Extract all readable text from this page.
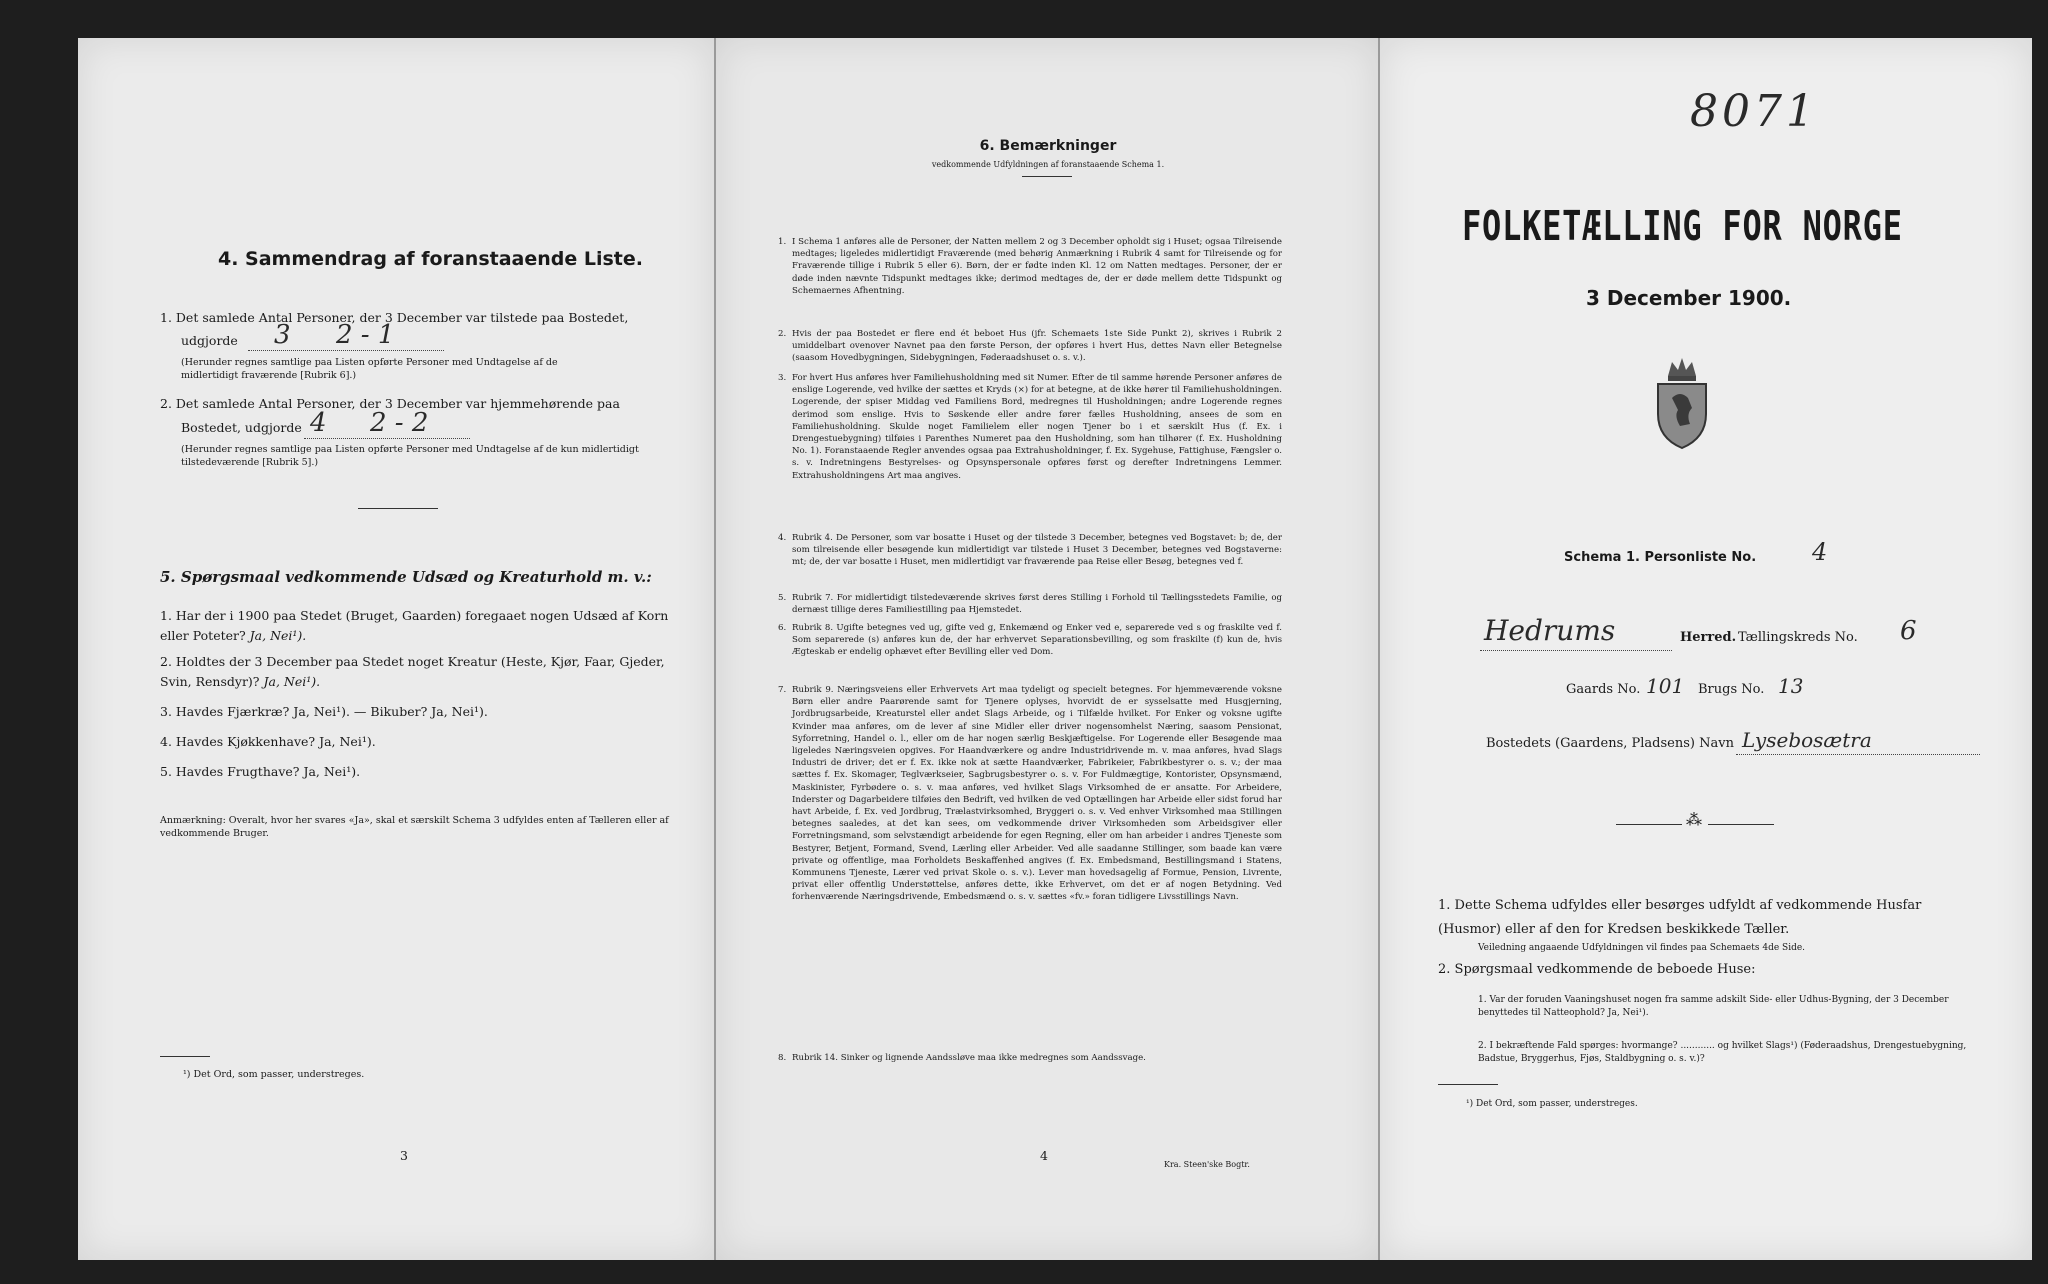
4. Sammendrag af foranstaaende Liste.
1. Det samlede Antal Personer, der 3 December var tilstede paa Bostedet,
udgjorde 3 2 - 1
(Herunder regnes samtlige paa Listen opførte Personer med Undtagelse af de midlertidigt fraværende [Rubrik 6].)
2. Det samlede Antal Personer, der 3 December var hjemmehørende paa
Bostedet, udgjorde 4 2 - 2
(Herunder regnes samtlige paa Listen opførte Personer med Undtagelse af de kun midlertidigt tilstedeværende [Rubrik 5].)
5. Spørgsmaal vedkommende Udsæd og Kreaturhold m. v.:
1. Har der i 1900 paa Stedet (Bruget, Gaarden) foregaaet nogen Udsæd af Korn eller Poteter? Ja, Nei¹).
2. Holdtes der 3 December paa Stedet noget Kreatur (Heste, Kjør, Faar, Gjeder, Svin, Rensdyr)? Ja, Nei¹).
3. Havdes Fjærkræ? Ja, Nei¹). — Bikuber? Ja, Nei¹).
4. Havdes Kjøkkenhave? Ja, Nei¹).
5. Havdes Frugthave? Ja, Nei¹).
Anmærkning: Overalt, hvor her svares «Ja», skal et særskilt Schema 3 udfyldes enten af Tælleren eller af vedkommende Bruger.
¹) Det Ord, som passer, understreges.
3
6. Bemærkninger
vedkommende Udfyldningen af foranstaaende Schema 1.
1. I Schema 1 anføres alle de Personer, der Natten mellem 2 og 3 December opholdt sig i Huset; ogsaa Tilreisende medtages; ligeledes midlertidigt Fraværende (med behørig Anmærkning i Rubrik 4 samt for Tilreisende og for Fraværende tillige i Rubrik 5 eller 6). Børn, der er fødte inden Kl. 12 om Natten medtages. Personer, der er døde inden nævnte Tidspunkt medtages ikke; derimod medtages de, der er døde mellem dette Tidspunkt og Schemaernes Afhentning.
2. Hvis der paa Bostedet er flere end ét beboet Hus (jfr. Schemaets 1ste Side Punkt 2), skrives i Rubrik 2 umiddelbart ovenover Navnet paa den første Person, der opføres i hvert Hus, dettes Navn eller Betegnelse (saasom Hovedbygningen, Sidebygningen, Føderaadshuset o. s. v.).
3. For hvert Hus anføres hver Familiehusholdning med sit Numer. Efter de til samme hørende Personer anføres de enslige Logerende, ved hvilke der sættes et Kryds (×) for at betegne, at de ikke hører til Familiehusholdningen. Logerende, der spiser Middag ved Familiens Bord, medregnes til Husholdningen; andre Logerende regnes derimod som enslige. Hvis to Søskende eller andre fører fælles Husholdning, ansees de som en Familiehusholdning. Skulde noget Familielem eller nogen Tjener bo i et særskilt Hus (f. Ex. i Drengestuebygning) tilføies i Parenthes Numeret paa den Husholdning, som han tilhører (f. Ex. Husholdning No. 1). Foranstaaende Regler anvendes ogsaa paa Extrahusholdninger, f. Ex. Sygehuse, Fattighuse, Fængsler o. s. v. Indretningens Bestyrelses- og Opsynspersonale opføres først og derefter Indretningens Lemmer. Extrahusholdningens Art maa angives.
4. Rubrik 4. De Personer, som var bosatte i Huset og der tilstede 3 December, betegnes ved Bogstavet: b; de, der som tilreisende eller besøgende kun midlertidigt var tilstede i Huset 3 December, betegnes ved Bogstaverne: mt; de, der var bosatte i Huset, men midlertidigt var fraværende paa Reise eller Besøg, betegnes ved f.
5. Rubrik 7. For midlertidigt tilstedeværende skrives først deres Stilling i Forhold til Tællingsstedets Familie, og dernæst tillige deres Familiestilling paa Hjemstedet.
6. Rubrik 8. Ugifte betegnes ved ug, gifte ved g, Enkemænd og Enker ved e, separerede ved s og fraskilte ved f. Som separerede (s) anføres kun de, der har erhvervet Separationsbevilling, og som fraskilte (f) kun de, hvis Ægteskab er endelig ophævet efter Bevilling eller ved Dom.
7. Rubrik 9. Næringsveiens eller Erhvervets Art maa tydeligt og specielt betegnes. For hjemmeværende voksne Børn eller andre Paarørende samt for Tjenere oplyses, hvorvidt de er sysselsatte med Husgjerning, Jordbrugsarbeide, Kreaturstel eller andet Slags Arbeide, og i Tilfælde hvilket. For Enker og voksne ugifte Kvinder maa anføres, om de lever af sine Midler eller driver nogensomhelst Næring, saasom Pensionat, Syforretning, Handel o. l., eller om de har nogen særlig Beskjæftigelse. For Logerende eller Besøgende maa ligeledes Næringsveien opgives. For Haandværkere og andre Industridrivende m. v. maa anføres, hvad Slags Industri de driver; det er f. Ex. ikke nok at sætte Haandværker, Fabrikeier, Fabrikbestyrer o. s. v.; der maa sættes f. Ex. Skomager, Teglværkseier, Sagbrugsbestyrer o. s. v. For Fuldmægtige, Kontorister, Opsynsmænd, Maskinister, Fyrbødere o. s. v. maa anføres, ved hvilket Slags Virksomhed de er ansatte. For Arbeidere, Inderster og Dagarbeidere tilføies den Bedrift, ved hvilken de ved Optællingen har Arbeide eller sidst forud har havt Arbeide, f. Ex. ved Jordbrug, Trælastvirksomhed, Bryggeri o. s. v. Ved enhver Virksomhed maa Stillingen betegnes saaledes, at det kan sees, om vedkommende driver Virksomheden som Arbeidsgiver eller Forretningsmand, som selvstændigt arbeidende for egen Regning, eller om han arbeider i andres Tjeneste som Bestyrer, Betjent, Formand, Svend, Lærling eller Arbeider. Ved alle saadanne Stillinger, som baade kan være private og offentlige, maa Forholdets Beskaffenhed angives (f. Ex. Embedsmand, Bestillingsmand i Statens, Kommunens Tjeneste, Lærer ved privat Skole o. s. v.). Lever man hovedsagelig af Formue, Pension, Livrente, privat eller offentlig Understøttelse, anføres dette, ikke Erhvervet, om det er af nogen Betydning. Ved forhenværende Næringsdrivende, Embedsmænd o. s. v. sættes «fv.» foran tidligere Livsstillings Navn.
8. Rubrik 14. Sinker og lignende Aandssløve maa ikke medregnes som Aandssvage.
4
Kra. Steen'ske Bogtr.
8071
FOLKETÆLLING FOR NORGE
3 December 1900.
Schema 1. Personliste No. 4
Hedrums	Herred. Tællingskreds No. 6
Gaards No. 101 Brugs No. 13
Bostedets (Gaardens, Pladsens) Navn Lysebosætra
⁂
1. Dette Schema udfyldes eller besørges udfyldt af vedkommende Husfar (Husmor) eller af den for Kredsen beskikkede Tæller.
Veiledning angaaende Udfyldningen vil findes paa Schemaets 4de Side.
2. Spørgsmaal vedkommende de beboede Huse:
1. Var der foruden Vaaningshuset nogen fra samme adskilt Side- eller Udhus-Bygning, der 3 December benyttedes til Natteophold? Ja, Nei¹).
2. I bekræftende Fald spørges: hvormange? ............ og hvilket Slags¹) (Føderaadshus, Drengestuebygning, Badstue, Bryggerhus, Fjøs, Staldbygning o. s. v.)?
¹) Det Ord, som passer, understreges.
